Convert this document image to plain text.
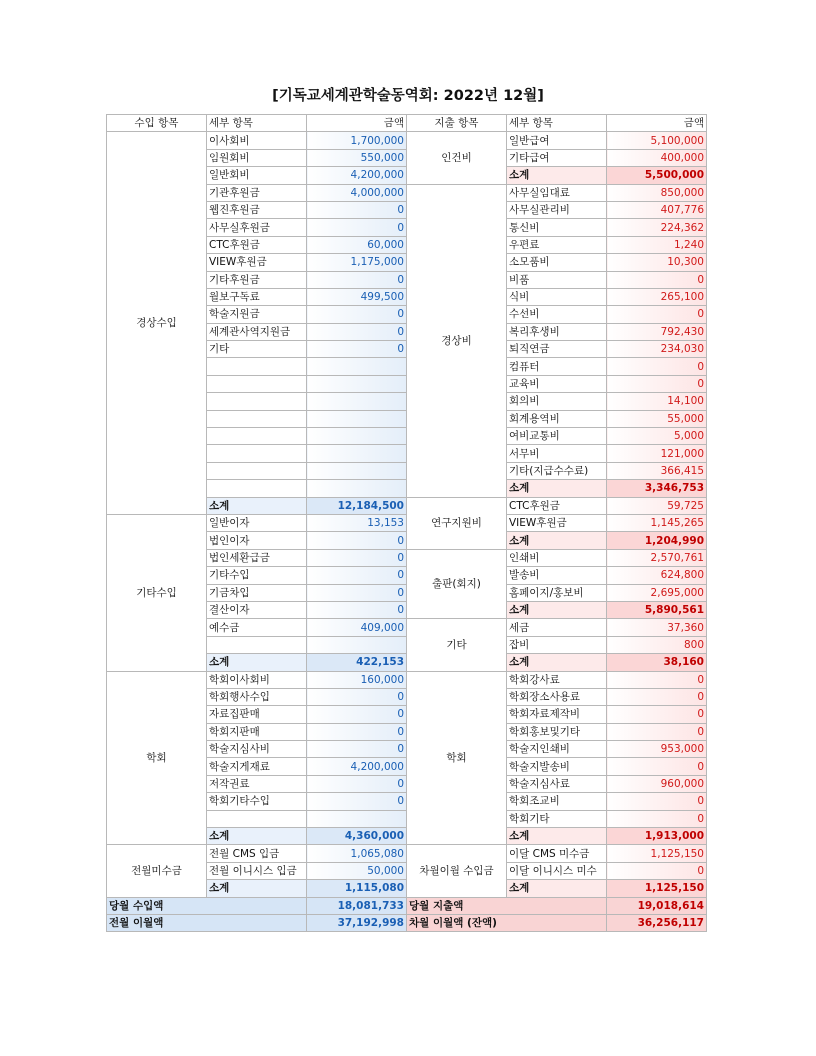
[기독교세계관학술동역회: 2022년 12월]
수입 항목	세부 항목	금액	지출 항목	세부 항목	금액
경상수입	이사회비	1,700,000	인건비	일반급여	5,100,000
	임원회비	550,000		기타급여	400,000
	일반회비	4,200,000		소계	5,500,000
	기관후원금	4,000,000	경상비	사무실임대료	850,000
	웹진후원금	0		사무실관리비	407,776
	사무실후원금	0		통신비	224,362
	CTC후원금	60,000		우편료	1,240
	VIEW후원금	1,175,000		소모품비	10,300
	기타후원금	0		비품	0
	월보구독료	499,500		식비	265,100
	학술지원금	0		수선비	0
	세계관사역지원금	0		복리후생비	792,430
	기타	0		퇴직연금	234,030
				컴퓨터	0
				교육비	0
				회의비	14,100
				회계용역비	55,000
				여비교통비	5,000
				서무비	121,000
				기타(지급수수료)	366,415
				소계	3,346,753
	소계	12,184,500	연구지원비	CTC후원금	59,725
기타수입	일반이자	13,153		VIEW후원금	1,145,265
	법인이자	0		소계	1,204,990
	법인세환급금	0	출판(회지)	인쇄비	2,570,761
	기타수입	0		발송비	624,800
	기금차입	0		홈페이지/홍보비	2,695,000
	결산이자	0		소계	5,890,561
	예수금	409,000	기타	세금	37,360
				잡비	800
	소계	422,153		소계	38,160
학회	학회이사회비	160,000	학회	학회강사료	0
	학회행사수입	0		학회장소사용료	0
	자료집판매	0		학회자료제작비	0
	학회지판매	0		학회홍보및기타	0
	학술지심사비	0		학술지인쇄비	953,000
	학술지게재료	4,200,000		학술지발송비	0
	저작권료	0		학술지심사료	960,000
	학회기타수입	0		학회조교비	0
				학회기타	0
	소계	4,360,000		소계	1,913,000
전월미수금	전월 CMS 입금	1,065,080	차월이월 수입금	이달 CMS 미수금	1,125,150
	전월 이니시스 입금	50,000		이달 이니시스 미수	0
	소계	1,115,080		소계	1,125,150
당월 수입액		18,081,733	당월 지출액		19,018,614
전월 이월액		37,192,998	차월 이월액 (잔액)		36,256,117
